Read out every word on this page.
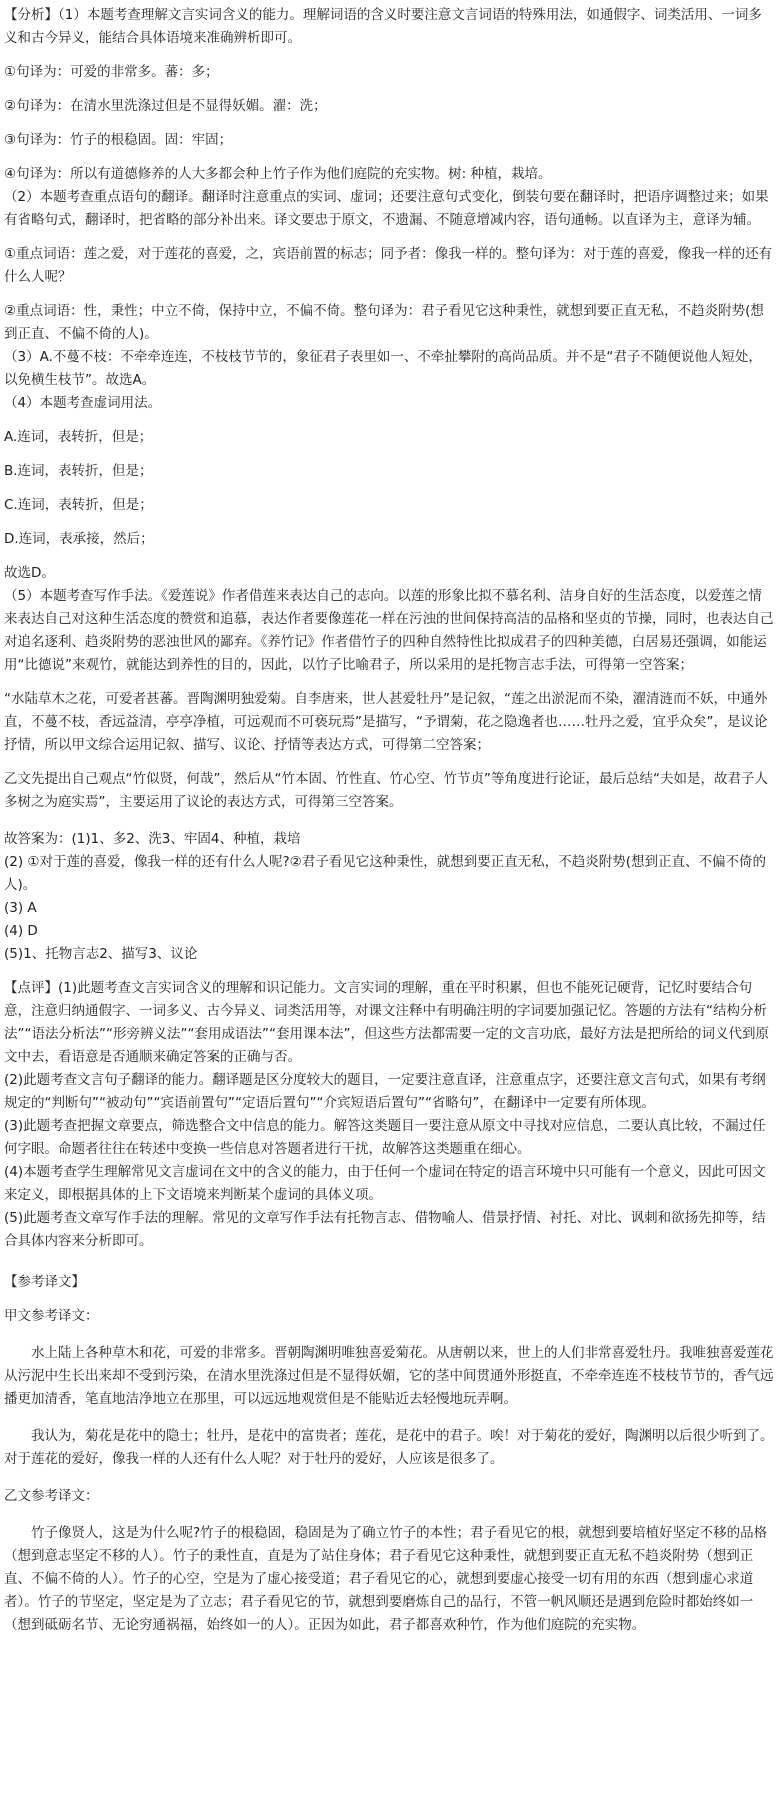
【分析】（1）本题考查理解文言实词含义的能力。理解词语的含义时要注意文言词语的特殊用法，如通假字、词类活用、一词多义和古今异义，能结合具体语境来准确辨析即可。

①句译为：可爱的非常多。蕃：多；

②句译为：在清水里洗涤过但是不显得妖媚。濯：洗；

③句译为：竹子的根稳固。固：牢固；

④句译为：所以有道德修养的人大多都会种上竹子作为他们庭院的充实物。树: 种植，栽培。

（2）本题考查重点语句的翻译。翻译时注意重点的实词、虚词；还要注意句式变化，倒装句要在翻译时，把语序调整过来；如果有省略句式，翻译时，把省略的部分补出来。译文要忠于原文，不遗漏、不随意增减内容，语句通畅。以直译为主，意译为辅。

①重点词语：莲之爱，对于莲花的喜爱，之，宾语前置的标志；同予者：像我一样的。整句译为：对于莲的喜爱，像我一样的还有什么人呢？

②重点词语：性，秉性；中立不倚，保持中立，不偏不倚。整句译为：君子看见它这种秉性，就想到要正直无私，不趋炎附势(想到正直、不偏不倚的人)。

（3）A.不蔓不枝：不牵牵连连，不枝枝节节的，象征君子表里如一、不牵扯攀附的高尚品质。并不是“君子不随便说他人短处，以免横生枝节”。故选A。

（4）本题考查虚词用法。

A.连词，表转折，但是；

B.连词，表转折，但是；

C.连词，表转折，但是；

D.连词，表承接，然后；

故选D。

（5）本题考查写作手法。《爱莲说》作者借莲来表达自己的志向。以莲的形象比拟不慕名利、洁身自好的生活态度，以爱莲之情来表达自己对这种生活态度的赞赏和追慕，表达作者要像莲花一样在污浊的世间保持高洁的品格和坚贞的节操，同时，也表达自己对追名逐利、趋炎附势的恶浊世风的鄙弃。《养竹记》作者借竹子的四种自然特性比拟成君子的四种美德，白居易还强调，如能运用“比德说”来观竹，就能达到养性的目的，因此，以竹子比喻君子，所以采用的是托物言志手法，可得第一空答案；

“水陆草木之花，可爱者甚蕃。晋陶渊明独爱菊。自李唐来，世人甚爱牡丹”是记叙，“莲之出淤泥而不染，濯清涟而不妖，中通外直，不蔓不枝，香远益清，亭亭净植，可远观而不可亵玩焉”是描写，“予谓菊，花之隐逸者也……牡丹之爱，宜乎众矣”，是议论抒情，所以甲文综合运用记叙、描写、议论、抒情等表达方式，可得第二空答案；

乙文先提出自己观点“竹似贤，何哉”，然后从“竹本固、竹性直、竹心空、竹节贞”等角度进行论证，最后总结“夫如是，故君子人多树之为庭实焉”，主要运用了议论的表达方式，可得第三空答案。

故答案为：(1)1、多2、洗3、牢固4、种植，栽培

(2) ①对于莲的喜爱，像我一样的还有什么人呢?②君子看见它这种秉性，就想到要正直无私，不趋炎附势(想到正直、不偏不倚的人)。

(3) A

(4) D

(5)1、托物言志2、描写3、议论

【点评】(1)此题考查文言实词含义的理解和识记能力。文言实词的理解，重在平时积累，但也不能死记硬背，记忆时要结合句意，注意归纳通假字、一词多义、古今异义、词类活用等，对课文注释中有明确注明的字词要加强记忆。答题的方法有“结构分析法”“语法分析法”“形旁辨义法”“套用成语法”“套用课本法”，但这些方法都需要一定的文言功底，最好方法是把所给的词义代到原文中去，看语意是否通顺来确定答案的正确与否。

(2)此题考查文言句子翻译的能力。翻译题是区分度较大的题目，一定要注意直译，注意重点字，还要注意文言句式，如果有考纲规定的“判断句”“被动句”“宾语前置句”“定语后置句”“介宾短语后置句”“省略句”，在翻译中一定要有所体现。

(3)此题考查把握文章要点，筛选整合文中信息的能力。解答这类题目一要注意从原文中寻找对应信息，二要认真比较，不漏过任何字眼。命题者往往在转述中变换一些信息对答题者进行干扰，故解答这类题重在细心。

(4)本题考查学生理解常见文言虚词在文中的含义的能力，由于任何一个虚词在特定的语言环境中只可能有一个意义，因此可因文来定义，即根据具体的上下文语境来判断某个虚词的具体义项。

(5)此题考查文章写作手法的理解。常见的文章写作手法有托物言志、借物喻人、借景抒情、衬托、对比、讽刺和欲扬先抑等，结合具体内容来分析即可。

【参考译文】

甲文参考译文：

水上陆上各种草木和花，可爱的非常多。晋朝陶渊明唯独喜爱菊花。从唐朝以来，世上的人们非常喜爱牡丹。我唯独喜爱莲花从污泥中生长出来却不受到污染，在清水里洗涤过但是不显得妖媚，它的茎中间贯通外形挺直，不牵牵连连不枝枝节节的，香气远播更加清香，笔直地洁净地立在那里，可以远远地观赏但是不能贴近去轻慢地玩弄啊。

我认为，菊花是花中的隐士；牡丹，是花中的富贵者；莲花，是花中的君子。唉！对于菊花的爱好，陶渊明以后很少听到了。对于莲花的爱好，像我一样的人还有什么人呢？对于牡丹的爱好，人应该是很多了。

乙文参考译文：

竹子像贤人，这是为什么呢?竹子的根稳固，稳固是为了确立竹子的本性；君子看见它的根，就想到要培植好坚定不移的品格（想到意志坚定不移的人）。竹子的秉性直，直是为了站住身体；君子看见它这种秉性，就想到要正直无私不趋炎附势（想到正直、不偏不倚的人）。竹子的心空，空是为了虚心接受道；君子看见它的心，就想到要虚心接受一切有用的东西（想到虚心求道者）。竹子的节坚定，坚定是为了立志；君子看见它的节，就想到要磨炼自己的品行，不管一帆风顺还是遇到危险时都始终如一（想到砥砺名节、无论穷通祸福，始终如一的人）。正因为如此，君子都喜欢种竹，作为他们庭院的充实物。
